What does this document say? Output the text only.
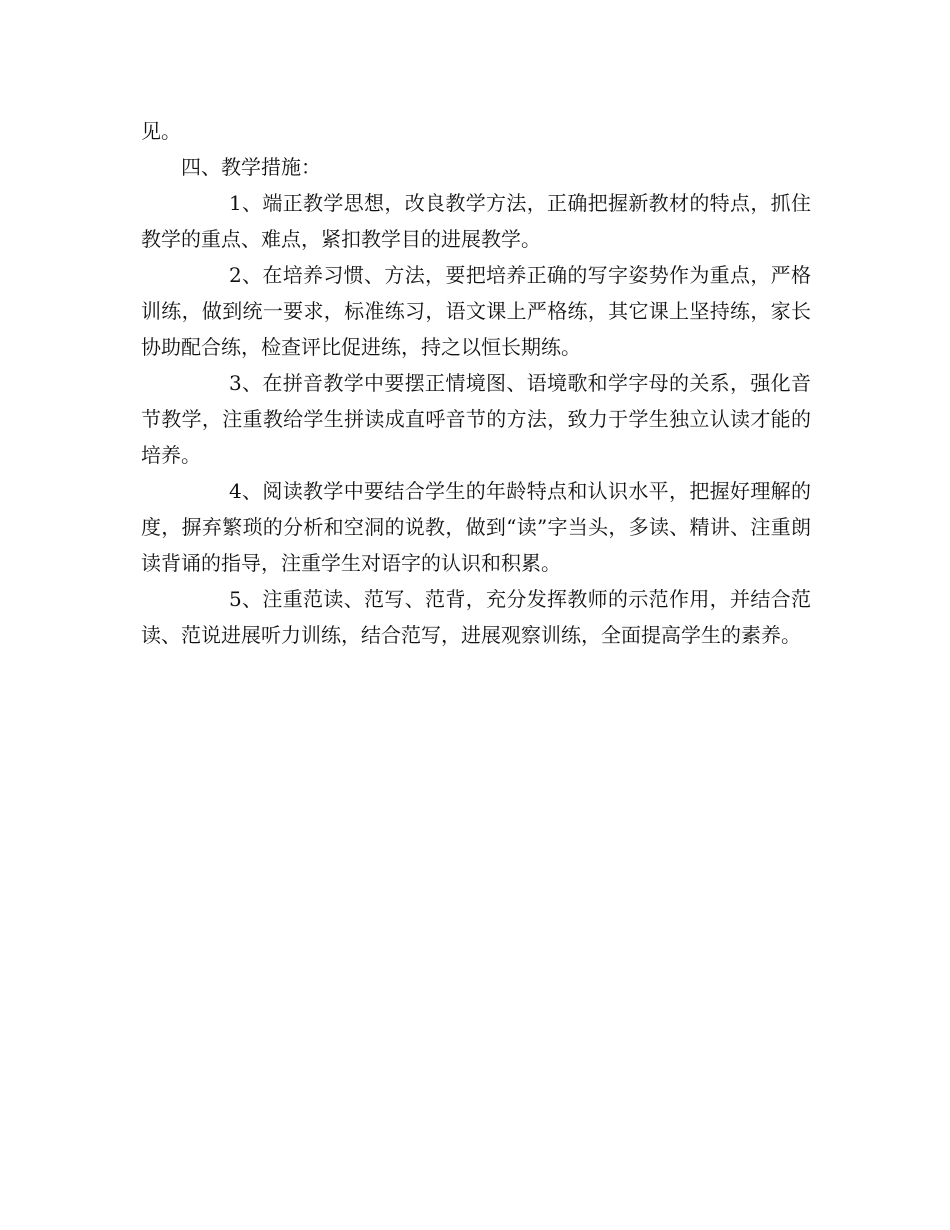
见。

四、教学措施：

1、端正教学思想，改良教学方法，正确把握新教材的特点，抓住教学的重点、难点，紧扣教学目的进展教学。

2、在培养习惯、方法，要把培养正确的写字姿势作为重点，严格训练，做到统一要求，标准练习，语文课上严格练，其它课上坚持练，家长协助配合练，检查评比促进练，持之以恒长期练。

3、在拼音教学中要摆正情境图、语境歌和学字母的关系，强化音节教学，注重教给学生拼读成直呼音节的方法，致力于学生独立认读才能的培养。

4、阅读教学中要结合学生的年龄特点和认识水平，把握好理解的度，摒弃繁琐的分析和空洞的说教，做到“读”字当头，多读、精讲、注重朗读背诵的指导，注重学生对语字的认识和积累。

5、注重范读、范写、范背，充分发挥教师的示范作用，并结合范读、范说进展听力训练，结合范写，进展观察训练，全面提高学生的素养。
